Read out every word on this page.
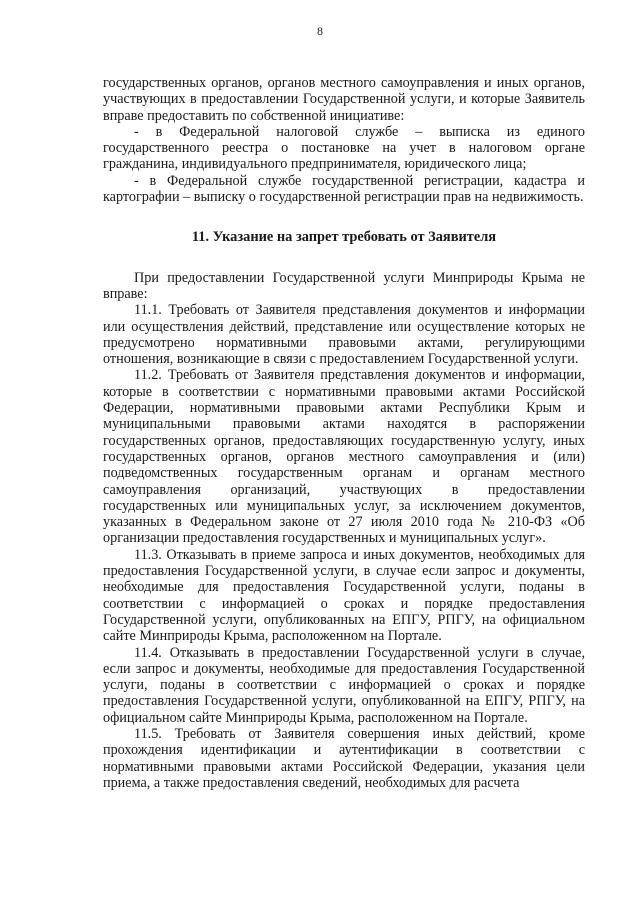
8

государственных органов, органов местного самоуправления и иных органов, участвующих в предоставлении Государственной услуги, и которые Заявитель вправе предоставить по собственной инициативе:

- в Федеральной налоговой службе – выписка из единого государственного реестра о постановке на учет в налоговом органе гражданина, индивидуального предпринимателя, юридического лица;

- в Федеральной службе государственной регистрации, кадастра и картографии – выписку о государственной регистрации прав на недвижимость.

11. Указание на запрет требовать от Заявителя

При предоставлении Государственной услуги Минприроды Крыма не вправе:

11.1. Требовать от Заявителя представления документов и информации или осуществления действий, представление или осуществление которых не предусмотрено нормативными правовыми актами, регулирующими отношения, возникающие в связи с предоставлением Государственной услуги.

11.2. Требовать от Заявителя представления документов и информации, которые в соответствии с нормативными правовыми актами Российской Федерации, нормативными правовыми актами Республики Крым и муниципальными правовыми актами находятся в распоряжении государственных органов, предоставляющих государственную услугу, иных государственных органов, органов местного самоуправления и (или) подведомственных государственным органам и органам местного самоуправления организаций, участвующих в предоставлении государственных или муниципальных услуг, за исключением документов, указанных в Федеральном законе от 27 июля 2010 года № 210-ФЗ «Об организации предоставления государственных и муниципальных услуг».

11.3. Отказывать в приеме запроса и иных документов, необходимых для предоставления Государственной услуги, в случае если запрос и документы, необходимые для предоставления Государственной услуги, поданы в соответствии с информацией о сроках и порядке предоставления Государственной услуги, опубликованных на ЕПГУ, РПГУ, на официальном сайте Минприроды Крыма, расположенном на Портале.

11.4. Отказывать в предоставлении Государственной услуги в случае, если запрос и документы, необходимые для предоставления Государственной услуги, поданы в соответствии с информацией о сроках и порядке предоставления Государственной услуги, опубликованной на ЕПГУ, РПГУ, на официальном сайте Минприроды Крыма, расположенном на Портале.

11.5. Требовать от Заявителя совершения иных действий, кроме прохождения идентификации и аутентификации в соответствии с нормативными правовыми актами Российской Федерации, указания цели приема, а также предоставления сведений, необходимых для расчета
